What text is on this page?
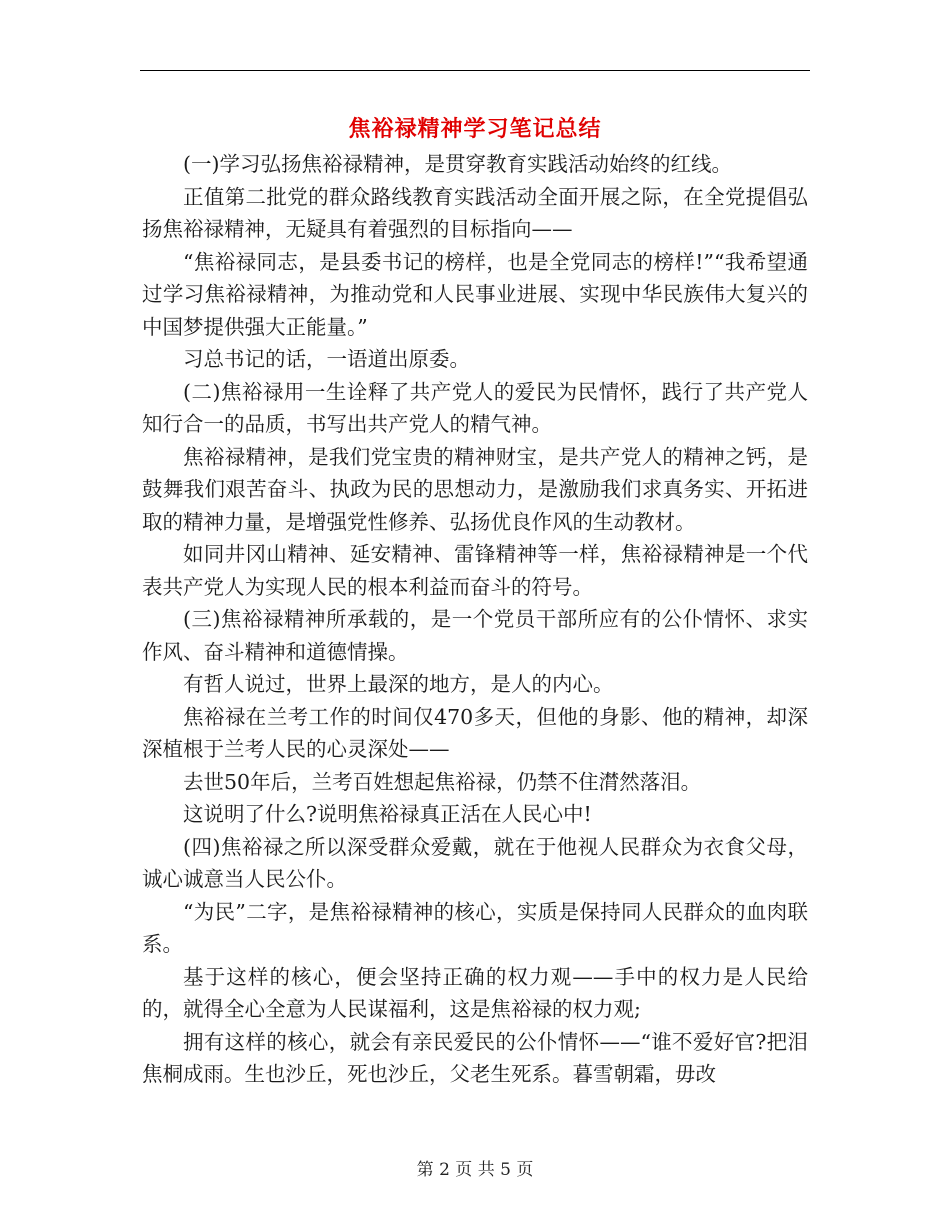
焦裕禄精神学习笔记总结

(一)学习弘扬焦裕禄精神，是贯穿教育实践活动始终的红线。

正值第二批党的群众路线教育实践活动全面开展之际，在全党提倡弘扬焦裕禄精神，无疑具有着强烈的目标指向——

“焦裕禄同志，是县委书记的榜样，也是全党同志的榜样!”“我希望通过学习焦裕禄精神，为推动党和人民事业进展、实现中华民族伟大复兴的中国梦提供强大正能量。”

习总书记的话，一语道出原委。

(二)焦裕禄用一生诠释了共产党人的爱民为民情怀，践行了共产党人知行合一的品质，书写出共产党人的精气神。

焦裕禄精神，是我们党宝贵的精神财宝，是共产党人的精神之钙，是鼓舞我们艰苦奋斗、执政为民的思想动力，是激励我们求真务实、开拓进取的精神力量，是增强党性修养、弘扬优良作风的生动教材。

如同井冈山精神、延安精神、雷锋精神等一样，焦裕禄精神是一个代表共产党人为实现人民的根本利益而奋斗的符号。

(三)焦裕禄精神所承载的，是一个党员干部所应有的公仆情怀、求实作风、奋斗精神和道德情操。

有哲人说过，世界上最深的地方，是人的内心。

焦裕禄在兰考工作的时间仅470多天，但他的身影、他的精神，却深深植根于兰考人民的心灵深处——

去世50年后，兰考百姓想起焦裕禄，仍禁不住潸然落泪。

这说明了什么?说明焦裕禄真正活在人民心中!

(四)焦裕禄之所以深受群众爱戴，就在于他视人民群众为衣食父母，诚心诚意当人民公仆。

“为民”二字，是焦裕禄精神的核心，实质是保持同人民群众的血肉联系。

基于这样的核心，便会坚持正确的权力观——手中的权力是人民给的，就得全心全意为人民谋福利，这是焦裕禄的权力观;

拥有这样的核心，就会有亲民爱民的公仆情怀——“谁不爱好官?把泪焦桐成雨。生也沙丘，死也沙丘，父老生死系。暮雪朝霜，毋改

第 2 页 共 5 页
